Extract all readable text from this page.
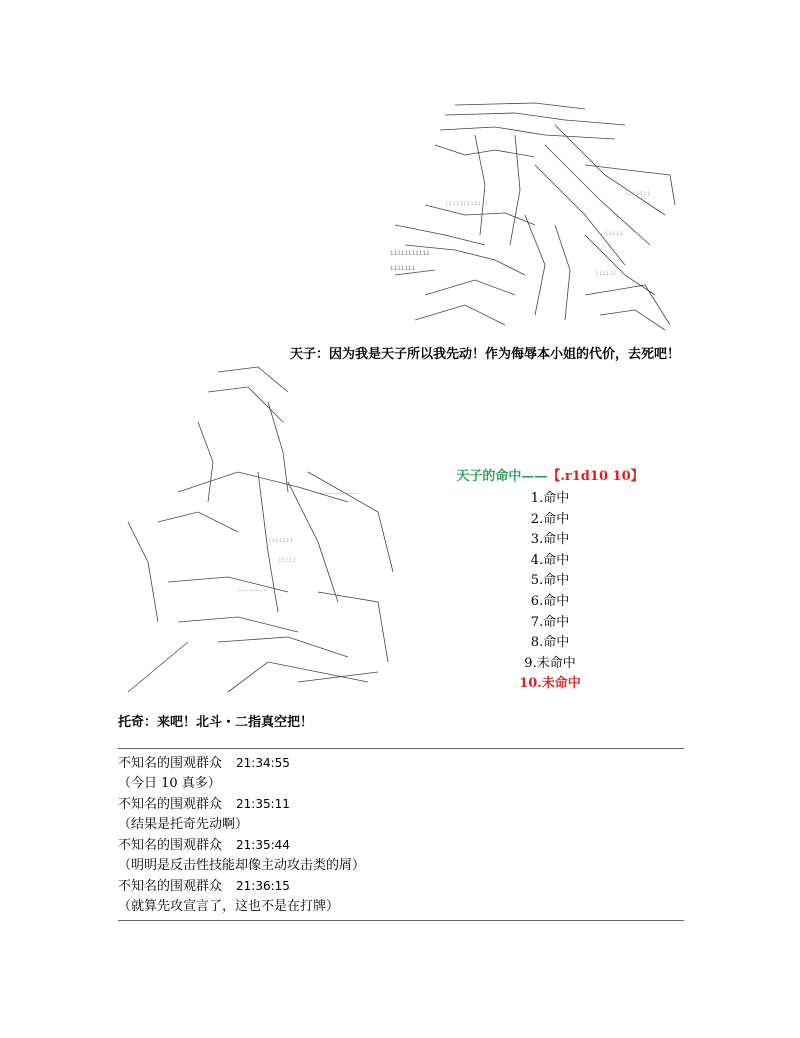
::::::::::::
:::::::
:::::
iiiiiiiiiii
iiiiiii
::::::
天子：因为我是天子所以我先动！作为侮辱本小姐的代价，去死吧！
:::::::
:::::
___________
--------
天子的命中——【.r1d10 10】
1.命中
2.命中
3.命中
4.命中
5.命中
6.命中
7.命中
8.命中
9.未命中
10.未命中
托奇：来吧！北斗・二指真空把！
不知名的围观群众 21:34:55
（今日 10 真多）
不知名的围观群众 21:35:11
（结果是托奇先动啊）
不知名的围观群众 21:35:44
（明明是反击性技能却像主动攻击类的屑）
不知名的围观群众 21:36:15
（就算先攻宣言了，这也不是在打牌）
